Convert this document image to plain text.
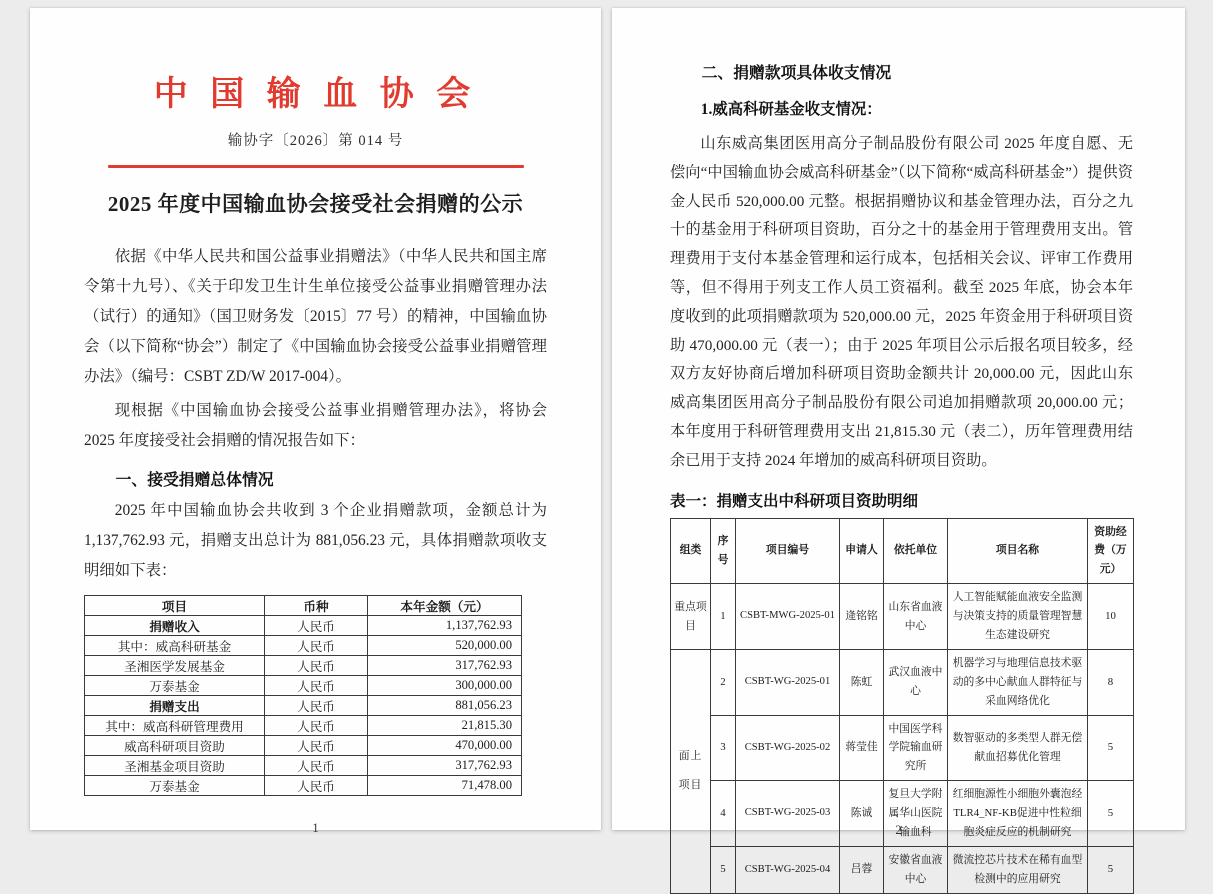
中 国 输 血 协 会
输协字〔2026〕第 014 号
2025 年度中国输血协会接受社会捐赠的公示

依据《中华人民共和国公益事业捐赠法》（中华人民共和国主席令第十九号）、《关于印发卫生计生单位接受公益事业捐赠管理办法（试行）的通知》（国卫财务发〔2015〕77 号）的精神，中国输血协会（以下简称“协会”）制定了《中国输血协会接受公益事业捐赠管理办法》（编号：CSBT ZD/W 2017-004）。

现根据《中国输血协会接受公益事业捐赠管理办法》，将协会 2025 年度接受社会捐赠的情况报告如下：

一、接受捐赠总体情况

2025 年中国输血协会共收到 3 个企业捐赠款项，金额总计为 1,137,762.93 元，捐赠支出总计为 881,056.23 元，具体捐赠款项收支明细如下表：

项目	币种	本年金额（元）
捐赠收入	人民币	1,137,762.93
其中：威高科研基金	人民币	520,000.00
圣湘医学发展基金	人民币	317,762.93
万泰基金	人民币	300,000.00
捐赠支出	人民币	881,056.23
其中：威高科研管理费用	人民币	21,815.30
威高科研项目资助	人民币	470,000.00
圣湘基金项目资助	人民币	317,762.93
万泰基金	人民币	71,478.00
1
二、捐赠款项具体收支情况
1.威高科研基金收支情况：

山东威高集团医用高分子制品股份有限公司 2025 年度自愿、无偿向“中国输血协会威高科研基金”（以下简称“威高科研基金”）提供资金人民币 520,000.00 元整。根据捐赠协议和基金管理办法，百分之九十的基金用于科研项目资助，百分之十的基金用于管理费用支出。管理费用于支付本基金管理和运行成本，包括相关会议、评审工作费用等，但不得用于列支工作人员工资福利。截至 2025 年底，协会本年度收到的此项捐赠款项为 520,000.00 元，2025 年资金用于科研项目资助 470,000.00 元（表一）；由于 2025 年项目公示后报名项目较多，经双方友好协商后增加科研项目资助金额共计 20,000.00 元，因此山东威高集团医用高分子制品股份有限公司追加捐赠款项 20,000.00 元；本年度用于科研管理费用支出 21,815.30 元（表二），历年管理费用结余已用于支持 2024 年增加的威高科研项目资助。

表一：捐赠支出中科研项目资助明细
组类	序号	项目编号	申请人	依托单位	项目名称	资助经费（万元）
重点项目	1	CSBT-MWG-2025-01	逄铭铭	山东省血液中心	人工智能赋能血液安全监测与决策支持的质量管理智慧生态建设研究	10
面上项目	2	CSBT-WG-2025-01	陈虹	武汉血液中心	机器学习与地理信息技术驱动的多中心献血人群特征与采血网络优化	8
	3	CSBT-WG-2025-02	蒋莹佳	中国医学科学院输血研究所	数智驱动的多类型人群无偿献血招募优化管理	5
	4	CSBT-WG-2025-03	陈诚	复旦大学附属华山医院输血科	红细胞源性小细胞外囊泡经TLR4_NF-KB促进中性粒细胞炎症反应的机制研究	5
	5	CSBT-WG-2025-04	吕蓉	安徽省血液中心	微流控芯片技术在稀有血型检测中的应用研究	5
2
